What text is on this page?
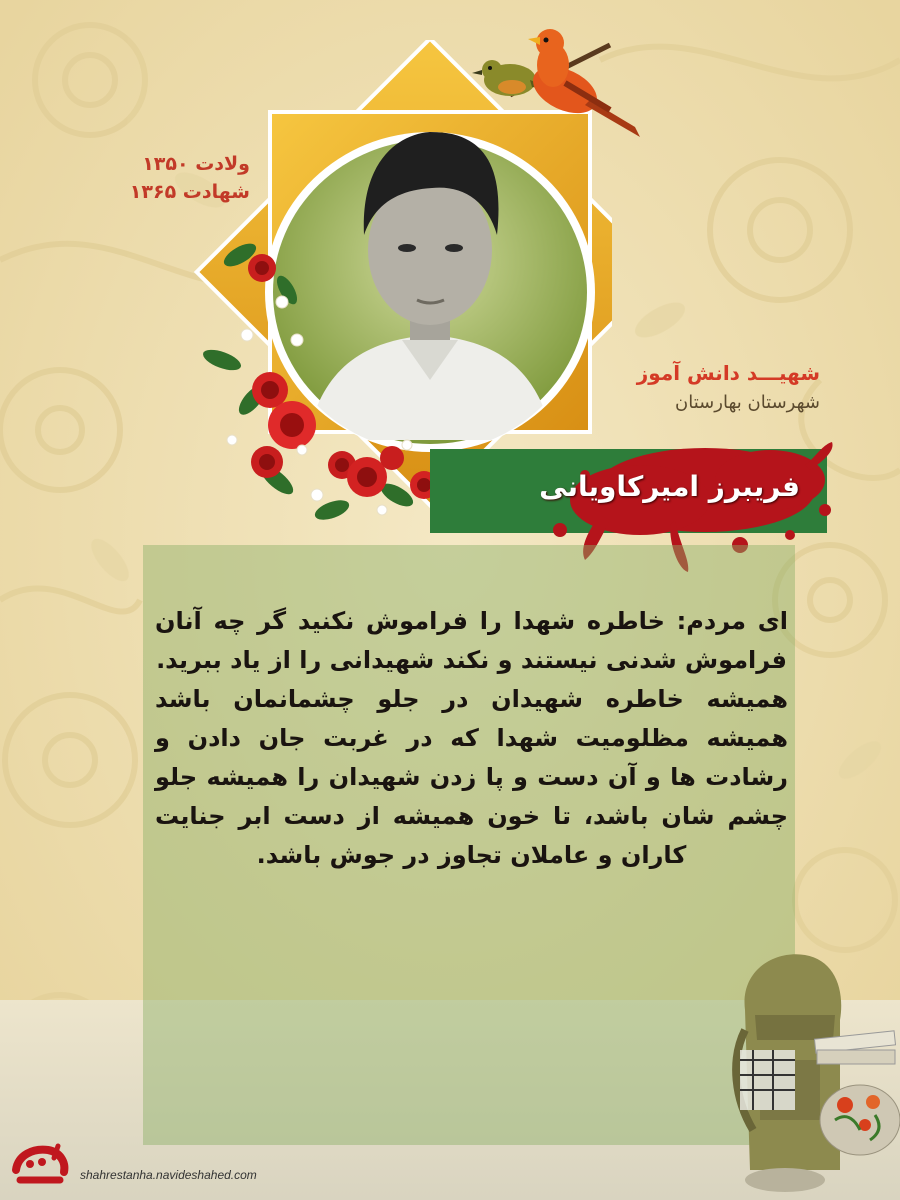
ولادت ۱۳۵۰
شهادت ۱۳۶۵
شهیـــد دانش آموز
شهرستان بهارستان
فریبرز امیرکاویانی

ای مردم: خاطره شهدا را فراموش نکنید گر چه آنان فراموش شدنی نیستند و نکند شهیدانی را از یاد ببرید.

همیشه خاطره شهیدان در جلو چشمانمان باشد همیشه مظلومیت شهدا که در غربت جان دادن و رشادت ها و آن دست و پا زدن شهیدان را همیشه جلو چشم شان باشد، تا خون همیشه از دست ابر جنایت کاران و عاملان تجاوز در جوش باشد.

shahrestanha.navideshahed.com
